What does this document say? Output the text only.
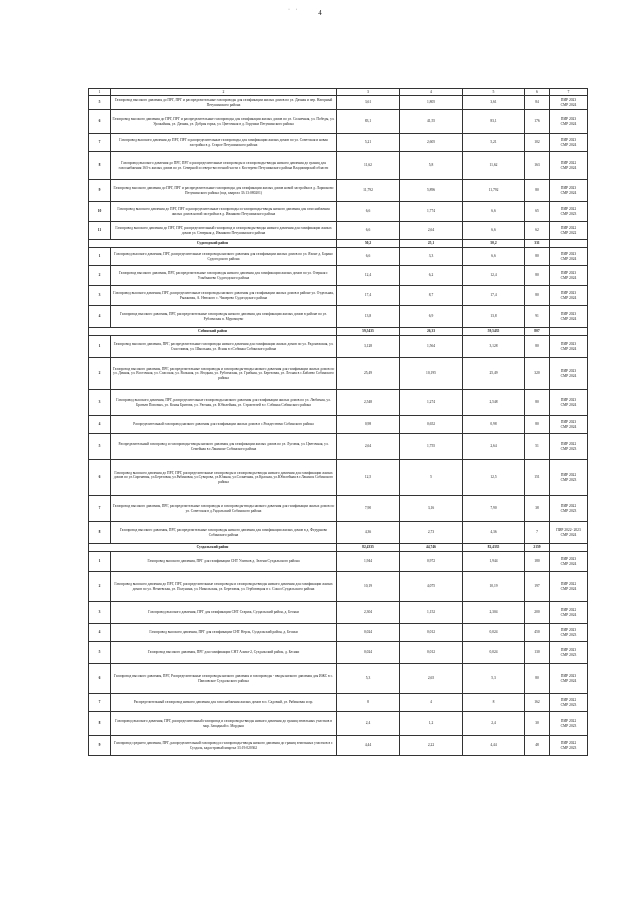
· ·	4
1	2	3	4	5	6	7
5	Газопровод высокого давления до ПРГ, ПРГ и распределительные газопроводы для газификации жилых домов по ул. Дачная и пер. Нагорный Петушинского района	3,61	1,805	3,61	84	ПИР 2023
СМР 2024

6	Газопровод высокого давления до ПРГ, ПРГ и распределительные газопроводы для газификации жилых домов по ул. Солнечная, ул. Победы, ул. Урожайная, ул. Дачная, ул. Добрая горка, ул. Цветочная в д. Горушки Петушинского района	83,1	41,55	83,1	176	ПИР 2023
СМР 2024

7	Газопровод высокого давления до ПРГ, ПРГ и распределительные газопроводы для газификации жилых домов по ул. Советская и новая застройка в д. Старое Петушинского района	5,21	2,605	5,21	102	ПИР 2023
СМР 2024

8	Газопровод высокого давления до ПРГ, ПРГ и распределительные газопроводы и газопроводы-вводы низкого давления до границ для газоснабжения 163-х жилых домов по ул. Северной и северо-восточной части г. Костерево Петушинского района Владимирской области	11,62	5,8	11,62	163	ПИР 2022
СМР 2024

9	Газопровод высокого давления до ПРГ, ПРГ и распределительные газопроводы для газификации жилых домов новой застройки в д. Ларионово Петушинского района (под. квартал 33:13:080201)	11,792	5,896	11,792	80	ПИР 2023
СМР 2024

10	Газопровод высокого давления до ПРГ, ПРГ и распределительные газопроводы и газопроводы-вводы низкого давления для газоснабжения жилых домов новой застройки в д. Иванково Петушинского района	6,6	1,774	6,6	65	ПИР 2022
СМР 2023

11	Газопровод высокого давления до ПРГ, ПРГ, распределительный газопровод и газопроводы-вводы низкого давления для газификации жилых домов ул. Северная д. Иванково Петушинского района	6,6	2,64	6,6	62	ПИР 2022
СМР 2022

Судогодский район		50,2	25,1	50,2	331	
1	Газопровод высокого давления, ПРГ, распределительные газопроводы низкого давления для газификации жилых домов по ул. Яхонт д. Барано Судогодского района	6,6	3,3	6,6	80	ПИР 2023
СМР 2024

2	Газопровод высокого давления, ПРГ, распределительные газопроводы низкого давления для газификации жилых домов по ул. Озерная г. Улыбышево Судогодского района	12,4	6,2	12,4	80	ПИР 2023
СМР 2024

3	Газопровод высокого давления, ПРГ, распределительные газопроводы низкого давления для газификации жилых домов в районе ул. Отдельная, Рыжковая, А. Невского с. Чамерево Судогодского района	17,4	8,7	17,4	80	ПИР 2023
СМР 2024

4	Газопровод высокого давления, ПРГ, распределительные газопроводы низкого давления для газификации жилых домов в районе по ул. Рубленская п. Муромцево	13,8	6,9	13,8	91	ПИР 2023
СМР 2024

Собинский район		59,5435	26,33	59,5435	807	
1	Газопровод высокого давления, ПРГ, распределительные газопроводы низкого давления для газификации жилых домов по ул. Радонежская, ул. Счастливая, ул. Школьная, ул. Ясная в г.Собинка Собинского района	3,128	1,564	3,128	80	ПИР 2023
СМР 2024

2	Газопровод высокого давления, ПРГ, распределительные газопроводы и газопроводы-вводы низкого давления для газификации жилых домов по ул. Дачная, ул. Восточная, ул. Спасская, ул. Вольная, ул. Ягодная, ул. Рубленская, ул. Грибная, ул. Березовая, ул. Лесная в с.Бабаево Собинского района	25,49	10,195	25,49	320	ПИР 2023
СМР 2024

3	Газопровод высокого давления, ПРГ, распределительные газопроводы низкого давления для газификации жилых домов по ул. Любимая, ул. Братьев Поповых, ул. Конья Бритова, ул. Уютная, ул. Юбилейная, ул. Строителей в г. Собинка Собинского района	2,548	1,274	2,548	80	ПИР 2023
СМР 2024

4	Распределительный газопровод низкого давления для газификации жилых домов в с.Рождествено Собинского района	0,98	0,652	0,98	80	ПИР 2023
СМР 2024

5	Распределительный газопровод и газопроводы-вводы низкого давления для газификации жилых домов по ул. Луговая, ул. Цветочная, ул. Семейная в г.Лакинске Собинского района	2,64	1,755	2,64	51	ПИР 2022
СМР 2023

6	Газопровод высокого давления до ПРГ, ПРГ, распределительные газопроводы и газопроводы-вводы низкого давления для газификации жилых домов по ул.Сиреневая, ул.Березовая, ул.Рябиновая, ул.Суворова, ул.Южная, ул.Солнечная, ул.Красная, ул.Юбилейная в г.Лакинск Собинского района	12,5	5	12,5	151	ПИР 2022
СМР 2023

7	Газопровод высокого давления, ПРГ, распределительные газопроводы и газопроводы-вводы низкого давления для газификации жилых домов по ул. Советская в д.Ундольский Собинского района	7,90	3,16	7,90	38	ПИР 2022
СМР 2023

8	Газопровод высокого давления, ПРГ, распределительные газопроводы низкого давления для газификации жилых домов в д. Федурново Собинского района	4,36	2,73	4,36	7	ПИР 2022- 2023
СМР 2024

Суздальский район		82,4335	44,746	82,4335	2159	
1	Газопровод высокого давления, ПРГ для газификации СНТ Улитков д. Зелени Суздальского района	1,944	0,972	1,944	180	ПИР 2023
СМР 2024

2	Газопровод высокого давления до ПРГ, ПРГ, распределительные газопроводы и газопроводы-вводы низкого давления для газификации жилых домов по ул. Нечаевская, ул. Полунина, ул. Никольская, ул. Березовая, ул. Гербовецкая в с. Сокол Суздальского района	10,19	4,075	10,19	197	ПИР 2022
СМР 2024

3	Газопровод высокого давления, ПРГ для газификации СНТ Стариж, Суздальский район, д. Бесяки	2,304	1,152	2,304	200	ПИР 2022
СМР 2024

4	Газопровод высокого давления, ПРГ для газификации СНТ Нерль, Суздальский район, д. Бесяки	0,024	0,012	0,024	450	ПИР 2023
СМР 2023

5	Газопровод высокого давления, ПРГ для газификации СНТ Алмаз-2, Суздальский район, д. Бесяки	0,024	0,012	0,024	130	ПИР 2023
СМР 2023

6	Газопровод высокого давления, ПРГ, Распределительные газопроводы низкого давления и газопроводы - вводы низкого давления для ИЖС в с. Павловское Суздальского района	5,3	2,65	5,3	80	ПИР 2023
СМР 2024

7	Распределительный газопровод низкого давления для газоснабжения жилых домов в п. Садовый, ул. Рябиновая и пр.	8	4	8	162	ПИР 2022
СМР 2023

8	Газопровод высокого давления, ПРГ, распределительный газопровод и газопроводы-вводы низкого давления до границ земельных участков в мкр. Западный п. Мордыш	2,4	1,2	2,4	30	ПИР 2022
СМР 2023

9	Газопровод среднего давления, ПРГ, распределительный газопровод и газопроводы-вводы низкого давления до границ земельных участков в г. Суздаль, кадастровый квартал 33:19:020362	4,44	2,22	4,44	48	ПИР 2022
СМР 2023
